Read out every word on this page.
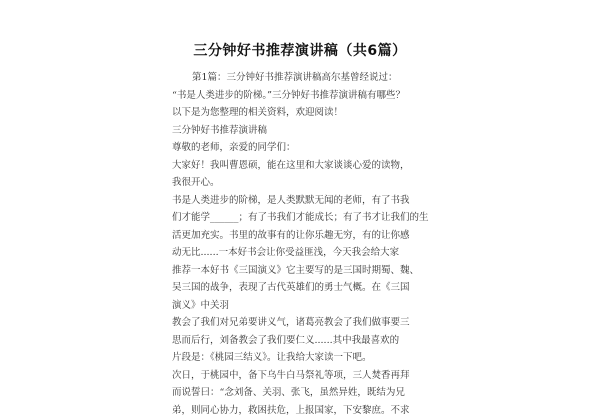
三分钟好书推荐演讲稿（共6篇）
第1篇：三分钟好书推荐演讲稿高尔基曾经说过：
“书是人类进步的阶梯。”三分钟好书推荐演讲稿有哪些？
以下是为您整理的相关资料，欢迎阅读！
三分钟好书推荐演讲稿
尊敬的老师，亲爱的同学们：
大家好！我叫曹恩硕，能在这里和大家谈谈心爱的读物，
我很开心。
书是人类进步的阶梯，是人类默默无闻的老师，有了书我
们才能学______；有了书我们才能成长；有了书才让我们的生
活更加充实。书里的故事有的让你乐趣无穷，有的让你感
动无比......一本好书会让你受益匪浅，今天我会给大家
推荐一本好书《三国演义》它主要写的是三国时期蜀、魏、
吴三国的战争，表现了古代英雄们的勇士气概。在《三国
演义》中关羽
教会了我们对兄弟要讲义气，诸葛亮教会了我们做事要三
思而后行，刘备教会了我们要仁义......其中我最喜欢的
片段是：《桃园三结义》。让我给大家读一下吧。
次日，于桃园中，备下乌牛白马祭礼等项，三人焚香再拜
而说誓曰：“念刘备、关羽、张飞，虽然异姓，既结为兄
弟，则同心协力，救困扶危，上报国家，下安黎庶。不求
